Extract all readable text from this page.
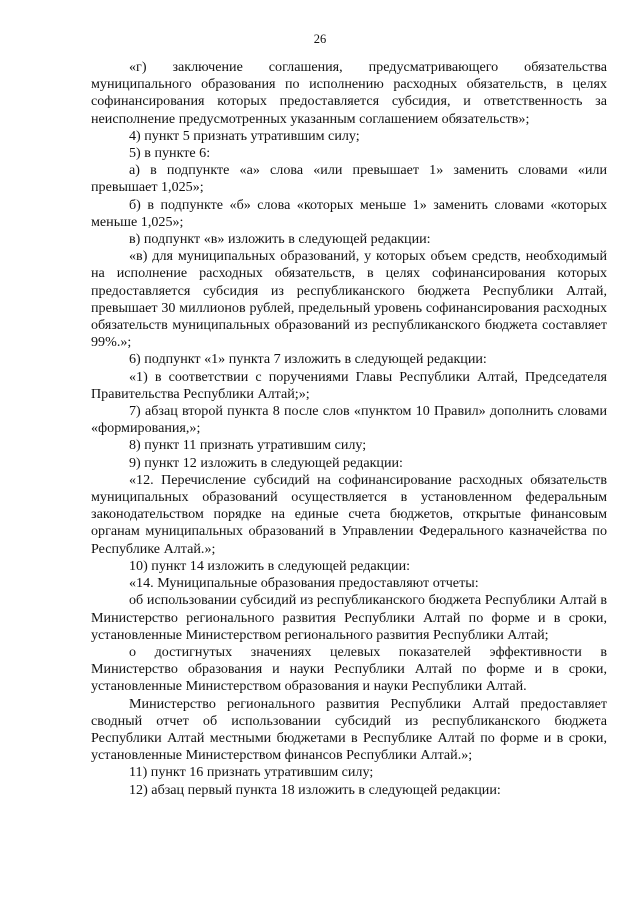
26

«г) заключение соглашения, предусматривающего обязательства муниципального образования по исполнению расходных обязательств, в целях софинансирования которых предоставляется субсидия, и ответственность за неисполнение предусмотренных указанным соглашением обязательств»;

4) пункт 5 признать утратившим силу;

5) в пункте 6:

а) в подпункте «а» слова «или превышает 1» заменить словами «или превышает 1,025»;

б) в подпункте «б» слова «которых меньше 1» заменить словами «которых меньше 1,025»;

в) подпункт «в» изложить в следующей редакции:

«в) для муниципальных образований, у которых объем средств, необходимый на исполнение расходных обязательств, в целях софинансирования которых предоставляется субсидия из республиканского бюджета Республики Алтай, превышает 30 миллионов рублей, предельный уровень софинансирования расходных обязательств муниципальных образований из республиканского бюджета составляет 99%.»;

6) подпункт «1» пункта 7 изложить в следующей редакции:

«1) в соответствии с поручениями Главы Республики Алтай, Председателя Правительства Республики Алтай;»;

7) абзац второй пункта 8 после слов «пунктом 10 Правил» дополнить словами «формирования,»;

8) пункт 11 признать утратившим силу;

9) пункт 12 изложить в следующей редакции:

«12. Перечисление субсидий на софинансирование расходных обязательств муниципальных образований осуществляется в установленном федеральным законодательством порядке на единые счета бюджетов, открытые финансовым органам муниципальных образований в Управлении Федерального казначейства по Республике Алтай.»;

10) пункт 14 изложить в следующей редакции:

«14. Муниципальные образования предоставляют отчеты:

об использовании субсидий из республиканского бюджета Республики Алтай в Министерство регионального развития Республики Алтай по форме и в сроки, установленные Министерством регионального развития Республики Алтай;

о достигнутых значениях целевых показателей эффективности в Министерство образования и науки Республики Алтай по форме и в сроки, установленные Министерством образования и науки Республики Алтай.

Министерство регионального развития Республики Алтай предоставляет сводный отчет об использовании субсидий из республиканского бюджета Республики Алтай местными бюджетами в Республике Алтай по форме и в сроки, установленные Министерством финансов Республики Алтай.»;

11) пункт 16 признать утратившим силу;

12) абзац первый пункта 18 изложить в следующей редакции:
